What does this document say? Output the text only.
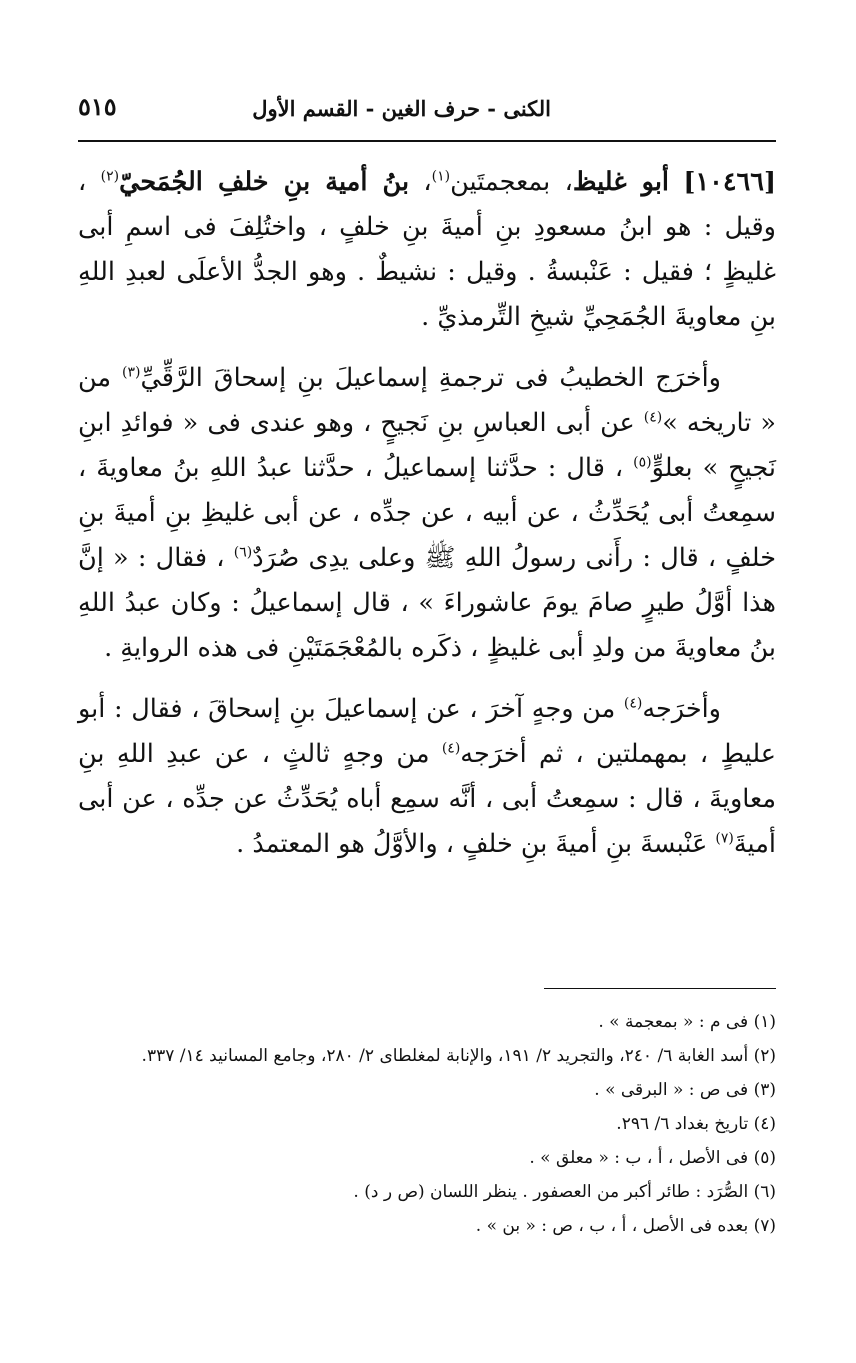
الكنى - حرف الغين - القسم الأول
٥١٥

[١٠٤٦٦] أبو غليظ، بمعجمتَين$^{(١)}$، بنُ أمية بنِ خلفِ الجُمَحيّ$^{(٢)}$ ، وقيل : هو ابنُ مسعودِ بنِ أميةَ بنِ خلفٍ ، واختُلِفَ فى اسمِ أبى غليظٍ ؛ فقيل : عَنْبسةُ . وقيل : نشيطٌ . وهو الجدُّ الأعلَى لعبدِ اللهِ بنِ معاويةَ الجُمَحِيِّ شيخِ التِّرمذيِّ .

وأخرَج الخطيبُ فى ترجمةِ إسماعيلَ بنِ إسحاقَ الرَّقِّيِّ$^{(٣)}$ من « تاريخه »$^{(٤)}$ عن أبى العباسِ بنِ نَجيحٍ ، وهو عندى فى « فوائدِ ابنِ نَجيحٍ » بعلوٍّ$^{(٥)}$ ، قال : حدَّثنا إسماعيلُ ، حدَّثنا عبدُ اللهِ بنُ معاويةَ ، سمِعتُ أبى يُحَدِّثُ ، عن أبيه ، عن جدِّه ، عن أبى غليظِ بنِ أميةَ بنِ خلفٍ ، قال : رأَنى رسولُ اللهِ ﷺ وعلى يدِى صُرَدٌ$^{(٦)}$ ، فقال : « إنَّ هذا أوَّلُ طيرٍ صامَ يومَ عاشوراءَ » ، قال إسماعيلُ : وكان عبدُ اللهِ بنُ معاويةَ من ولدِ أبى غليظٍ ، ذكَره بالمُعْجَمَتَيْنِ فى هذه الروايةِ .

وأخرَجه$^{(٤)}$ من وجهٍ آخرَ ، عن إسماعيلَ بنِ إسحاقَ ، فقال : أبو عليطٍ ، بمهملتين ، ثم أخرَجه$^{(٤)}$ من وجهٍ ثالثٍ ، عن عبدِ اللهِ بنِ معاويةَ ، قال : سمِعتُ أبى ، أنَّه سمِع أباه يُحَدِّثُ عن جدِّه ، عن أبى أميةَ$^{(٧)}$ عَنْبسةَ بنِ أميةَ بنِ خلفٍ ، والأوَّلُ هو المعتمدُ .

(١) فى م : « بمعجمة » .
(٢) أسد الغابة ٦/ ٢٤٠، والتجريد ٢/ ١٩١، والإنابة لمغلطاى ٢/ ٢٨٠، وجامع المسانيد ١٤/ ٣٣٧.
(٣) فى ص : « البرقى » .
(٤) تاريخ بغداد ٦/ ٢٩٦.
(٥) فى الأصل ، أ ، ب : « معلق » .
(٦) الصُّرَد : طائر أكبر من العصفور . ينظر اللسان (ص ر د) .
(٧) بعده فى الأصل ، أ ، ب ، ص : « بن » .
